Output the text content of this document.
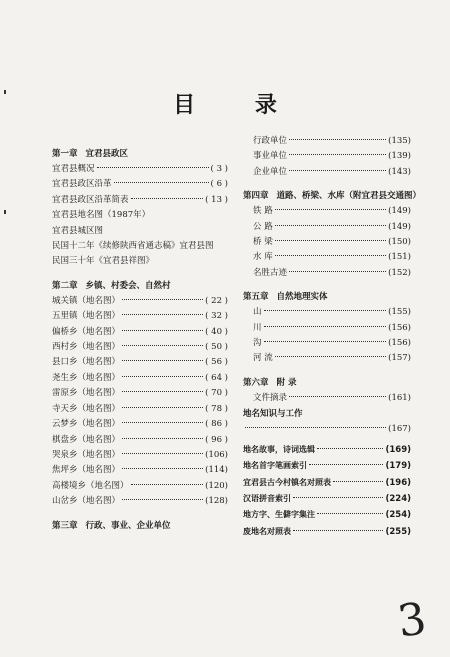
目 录
第一章 宜君县政区
宜君县概况	( 3 )
宜君县政区沿革	( 6 )
宜君县政区沿革简表	( 13 )
宜君县地名图（1987年）
宜君县城区图
民国十二年《续修陕西省通志稿》宜君县图
民国三十年《宜君县祥图》
第二章 乡镇、村委会、自然村
城关镇（地名图）	( 22 )
五里镇（地名图）	( 32 )
偏桥乡（地名图）	( 40 )
西村乡（地名图）	( 50 )
县口乡（地名图）	( 56 )
尧生乡（地名图）	( 64 )
雷原乡（地名图）	( 70 )
寺天乡（地名图）	( 78 )
云梦乡（地名图）	( 86 )
棋盘乡（地名图）	( 96 )
哭泉乡（地名图）	(106)
焦坪乡（地名图）	(114)
高楼境乡（地名图）	(120)
山岔乡（地名图）	(128)
第三章 行政、事业、企业单位
行政单位	(135)
事业单位	(139)
企业单位	(143)
第四章 道路、桥梁、水库（附宜君县交通图）
铁 路	(149)
公 路	(149)
桥 梁	(150)
水 库	(151)
名胜古迹	(152)
第五章 自然地理实体
山	(155)
川	(156)
沟	(156)
河 流	(157)
第六章 附 录
文件摘录	(161)
地名知识与工作
(167)
地名故事，诗词选辑	(169)
地名首字笔画索引	(179)
宜君县古今村镇名对照表	(196)
汉语拼音索引	(224)
地方字、生僻字集注	(254)
废地名对照表	(255)
3
